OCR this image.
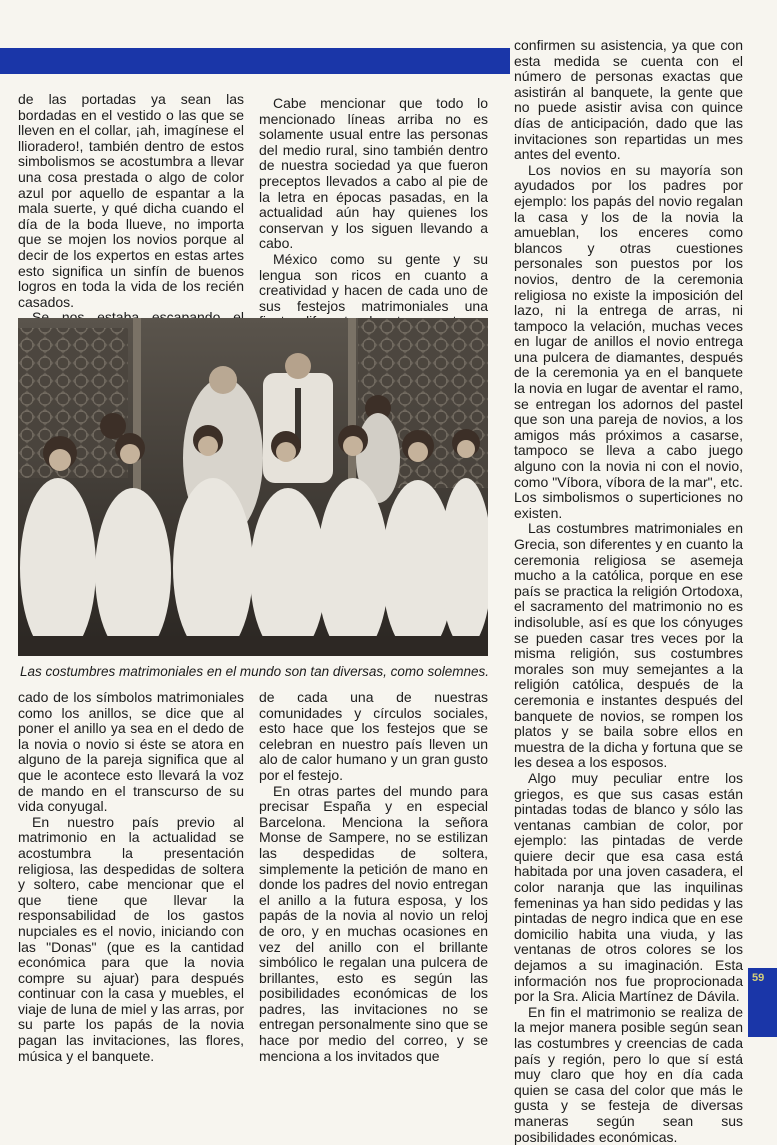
de las portadas ya sean las bordadas en el vestido o las que se lleven en el collar, ¡ah, imagínese el llioradero!, también dentro de estos simbolismos se acostumbra a llevar una cosa prestada o algo de color azul por aquello de espantar a la mala suerte, y qué dicha cuando el día de la boda llueve, no importa que se mojen los novios porque al decir de los expertos en estas artes esto significa un sinfín de buenos logros en toda la vida de los recién casados.

Cabe mencionar que todo lo mencionado líneas arriba no es solamente usual entre las personas del medio rural, sino también dentro de nuestra sociedad ya que fueron preceptos llevados a cabo al pie de la letra en épocas pasadas, en la actualidad aún hay quienes los conservan y los siguen llevando a cabo.

México como su gente y su lengua son ricos en cuanto a creatividad y hacen de cada uno de sus festejos matrimoniales una

confirmen su asistencia, ya que con esta medida se cuenta con el número de personas exactas que asistirán al banquete, la gente que no puede asistir avisa con quince días de anticipación, dado que las invitaciones son repartidas un mes antes del evento.

Los novios en su mayoría son ayudados por los padres por ejemplo: los papás del novio regalan la casa y los de la novia la amueblan, los enceres como blancos y otras cuestiones personales son puestos por los novios, dentro de la ceremonia religiosa no existe la imposición del lazo, ni la entrega de arras, ni tampoco la velación, muchas veces en lugar de anillos el novio entrega una pulcera de diamantes, después de la ceremonia ya en el banquete la novia en lugar de aventar el ramo, se entregan los adornos del pastel que son una pareja de novios, a los amigos más próximos a casarse, tampoco se lleva a cabo juego alguno con la novia ni con el novio, como "Víbora, víbora de la mar", etc. Los simbolismos o superticiones no existen.

Las costumbres matrimoniales en Grecia, son diferentes y en cuanto la ceremonia religiosa se asemeja mucho a la católica, porque en ese país se practica la religión Ortodoxa, el sacramento del matrimonio no es indisoluble, así es que los cónyuges se pueden casar tres veces por la misma religión, sus costumbres morales son muy semejantes a la religión católica, después de la ceremonia e instantes después del banquete de novios, se rompen los platos y se baila sobre ellos en muestra de la dicha y fortuna que se les desea a los esposos.

Algo muy peculiar entre los griegos, es que sus casas están pintadas todas de blanco y sólo las ventanas cambian de color, por ejemplo: las pintadas de verde quiere decir que esa casa está habitada por una joven casadera, el color naranja que las inquilinas femeninas ya han sido pedidas y las pintadas de negro indica que en ese domicilio habita una viuda, y las ventanas de otros colores se los dejamos a su imaginación. Esta información nos fue proprocionada por la Sra. Alicia Martínez de Dávila.

En fin el matrimonio se realiza de la mejor manera posible según sean las costumbres y creencias de cada país y región, pero lo que sí está muy claro que hoy en día cada quien se casa del color que más le gusta y se festeja de diversas maneras según sean sus posibilidades económicas.

Las costumbres matrimoniales en el mundo son tan diversas, como solemnes.

cado de los símbolos matrimoniales como los anillos, se dice que al poner el anillo ya sea en el dedo de la novia o novio si éste se atora en alguno de la pareja significa que al que le acontece esto llevará la voz de mando en el transcurso de su vida conyugal.

En nuestro país previo al matrimonio en la actualidad se acostumbra la presentación religiosa, las despedidas de soltera y soltero, cabe mencionar que el que tiene que llevar la responsabilidad de los gastos nupciales es el novio, iniciando con las "Donas" (que es la cantidad económica para que la novia compre su ajuar) para después continuar con la casa y muebles, el viaje de luna de miel y las arras, por su parte los papás de la novia pagan las invitaciones, las flores, música y el banquete.

de cada una de nuestras comunidades y círculos sociales, esto hace que los festejos que se celebran en nuestro país lleven un alo de calor humano y un gran gusto por el festejo.

En otras partes del mundo para precisar España y en especial Barcelona. Menciona la señora Monse de Sampere, no se estilizan las despedidas de soltera, simplemente la petición de mano en donde los padres del novio entregan el anillo a la futura esposa, y los papás de la novia al novio un reloj de oro, y en muchas ocasiones en vez del anillo con el brillante simbólico le regalan una pulcera de brillantes, esto es según las posibilidades económicas de los padres, las invitaciones no se entregan personalmente sino que se hace por medio del correo, y se menciona a los invitados que

59
